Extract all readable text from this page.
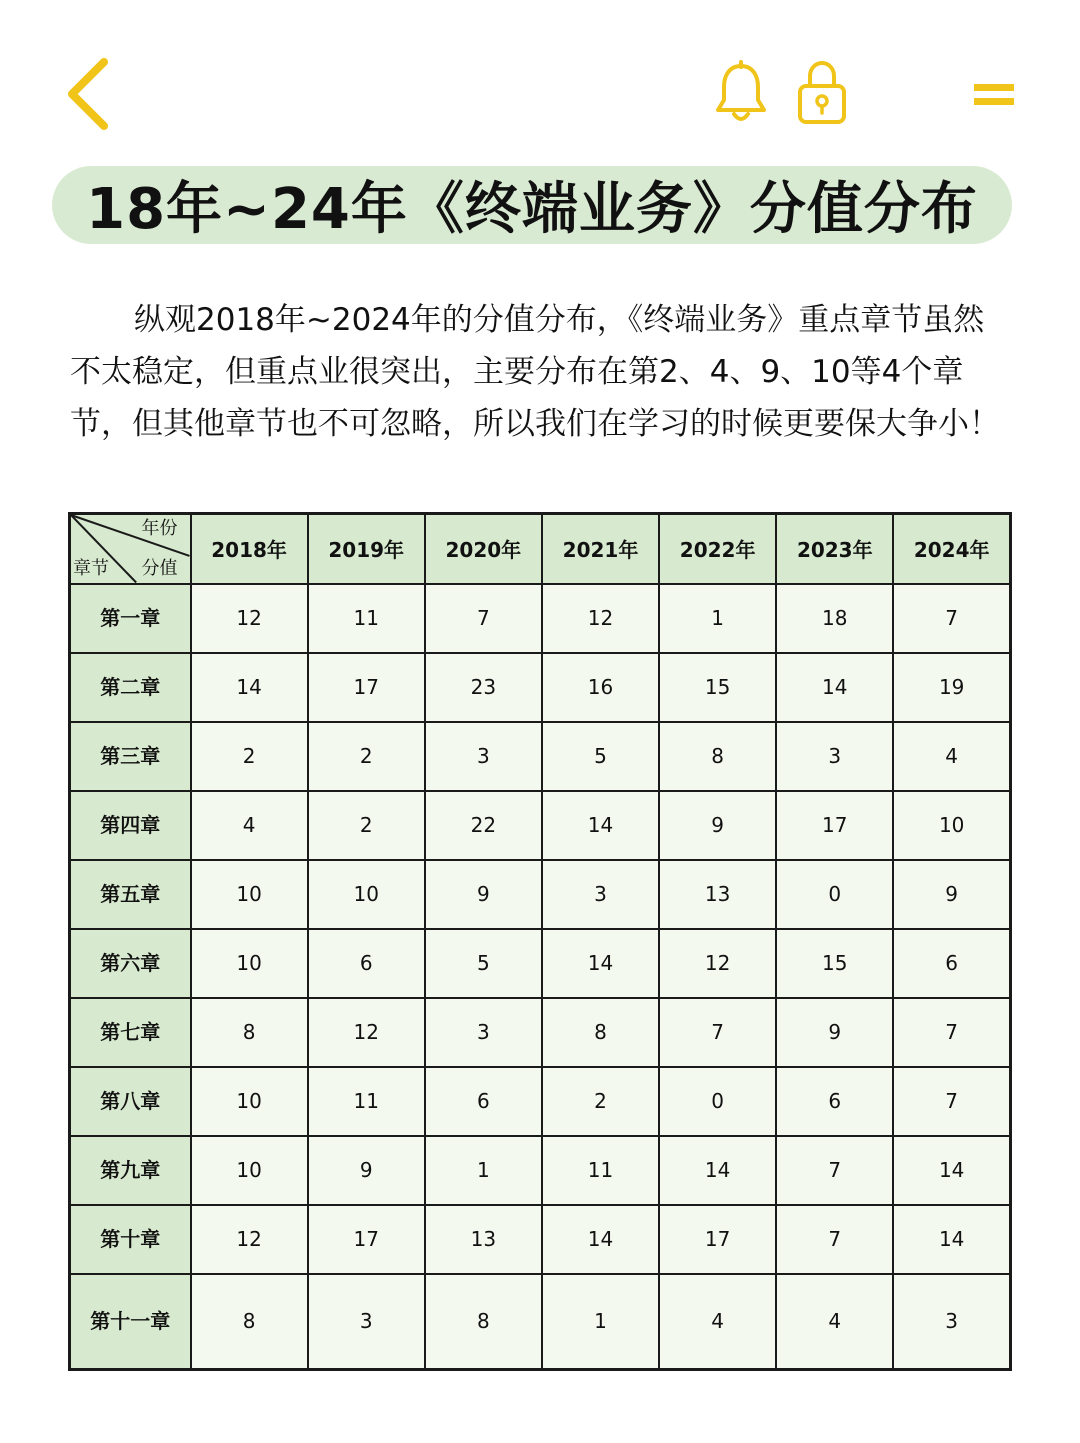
18年~24年《终端业务》分值分布

纵观2018年~2024年的分值分布，《终端业务》重点章节虽然不太稳定，但重点业很突出，主要分布在第2、4、9、10等4个章节，但其他章节也不可忽略，所以我们在学习的时候更要保大争小！

年份
分值
章节	2018年	2019年	2020年	2021年	2022年	2023年	2024年
第一章	12	11	7	12	1	18	7
第二章	14	17	23	16	15	14	19
第三章	2	2	3	5	8	3	4
第四章	4	2	22	14	9	17	10
第五章	10	10	9	3	13	0	9
第六章	10	6	5	14	12	15	6
第七章	8	12	3	8	7	9	7
第八章	10	11	6	2	0	6	7
第九章	10	9	1	11	14	7	14
第十章	12	17	13	14	17	7	14
第十一章	8	3	8	1	4	4	3
